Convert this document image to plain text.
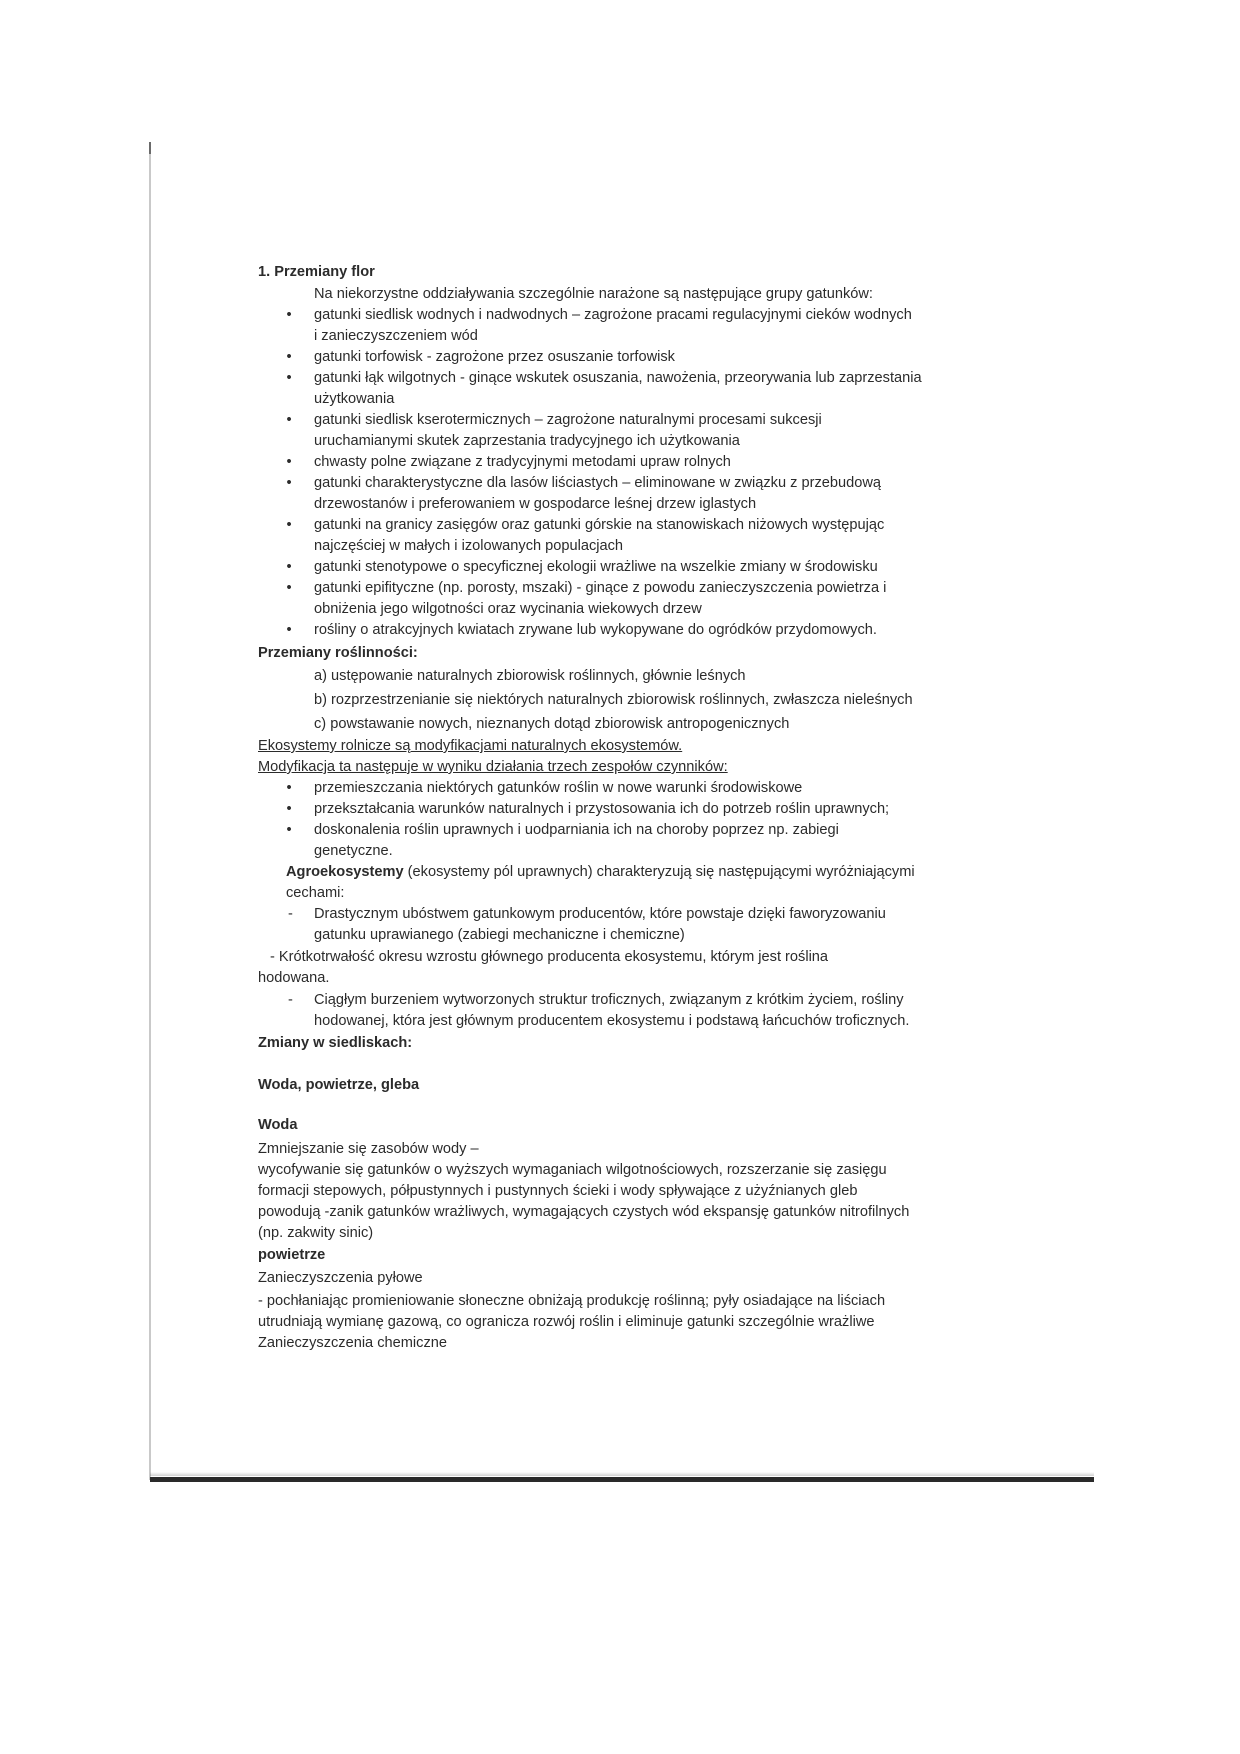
1. Przemiany flor
Na niekorzystne oddziaływania szczególnie narażone są następujące grupy gatunków:
• gatunki siedlisk wodnych i nadwodnych – zagrożone pracami regulacyjnymi cieków wodnych
i zanieczyszczeniem wód
• gatunki torfowisk - zagrożone przez osuszanie torfowisk
• gatunki łąk wilgotnych - ginące wskutek osuszania, nawożenia, przeorywania lub zaprzestania
użytkowania
• gatunki siedlisk kserotermicznych – zagrożone naturalnymi procesami sukcesji
uruchamianymi skutek zaprzestania tradycyjnego ich użytkowania
• chwasty polne związane z tradycyjnymi metodami upraw rolnych
• gatunki charakterystyczne dla lasów liściastych – eliminowane w związku z przebudową
drzewostanów i preferowaniem w gospodarce leśnej drzew iglastych
• gatunki na granicy zasięgów oraz gatunki górskie na stanowiskach niżowych występując
najczęściej w małych i izolowanych populacjach
• gatunki stenotypowe o specyficznej ekologii wrażliwe na wszelkie zmiany w środowisku
• gatunki epifityczne (np. porosty, mszaki) - ginące z powodu zanieczyszczenia powietrza i
obniżenia jego wilgotności oraz wycinania wiekowych drzew
• rośliny o atrakcyjnych kwiatach zrywane lub wykopywane do ogródków przydomowych.
Przemiany roślinności:
a) ustępowanie naturalnych zbiorowisk roślinnych, głównie leśnych
b) rozprzestrzenianie się niektórych naturalnych zbiorowisk roślinnych, zwłaszcza nieleśnych
c) powstawanie nowych, nieznanych dotąd zbiorowisk antropogenicznych
Ekosystemy rolnicze są modyfikacjami naturalnych ekosystemów.
Modyfikacja ta następuje w wyniku działania trzech zespołów czynników:
• przemieszczania niektórych gatunków roślin w nowe warunki środowiskowe
• przekształcania warunków naturalnych i przystosowania ich do potrzeb roślin uprawnych;
• doskonalenia roślin uprawnych i uodparniania ich na choroby poprzez np. zabiegi
genetyczne.
Agroekosystemy (ekosystemy pól uprawnych) charakteryzują się następującymi wyróżniającymi
cechami:
- Drastycznym ubóstwem gatunkowym producentów, które powstaje dzięki faworyzowaniu
gatunku uprawianego (zabiegi mechaniczne i chemiczne)
- Krótkotrwałość okresu wzrostu głównego producenta ekosystemu, którym jest roślina
hodowana.
- Ciągłym burzeniem wytworzonych struktur troficznych, związanym z krótkim życiem, rośliny
hodowanej, która jest głównym producentem ekosystemu i podstawą łańcuchów troficznych.
Zmiany w siedliskach:
Woda, powietrze, gleba
Woda
Zmniejszanie się zasobów wody –
wycofywanie się gatunków o wyższych wymaganiach wilgotnościowych, rozszerzanie się zasięgu
formacji stepowych, półpustynnych i pustynnych ścieki i wody spływające z użyźnianych gleb
powodują -zanik gatunków wrażliwych, wymagających czystych wód ekspansję gatunków nitrofilnych
(np. zakwity sinic)
powietrze
Zanieczyszczenia pyłowe
- pochłaniając promieniowanie słoneczne obniżają produkcję roślinną; pyły osiadające na liściach
utrudniają wymianę gazową, co ogranicza rozwój roślin i eliminuje gatunki szczególnie wrażliwe
Zanieczyszczenia chemiczne
